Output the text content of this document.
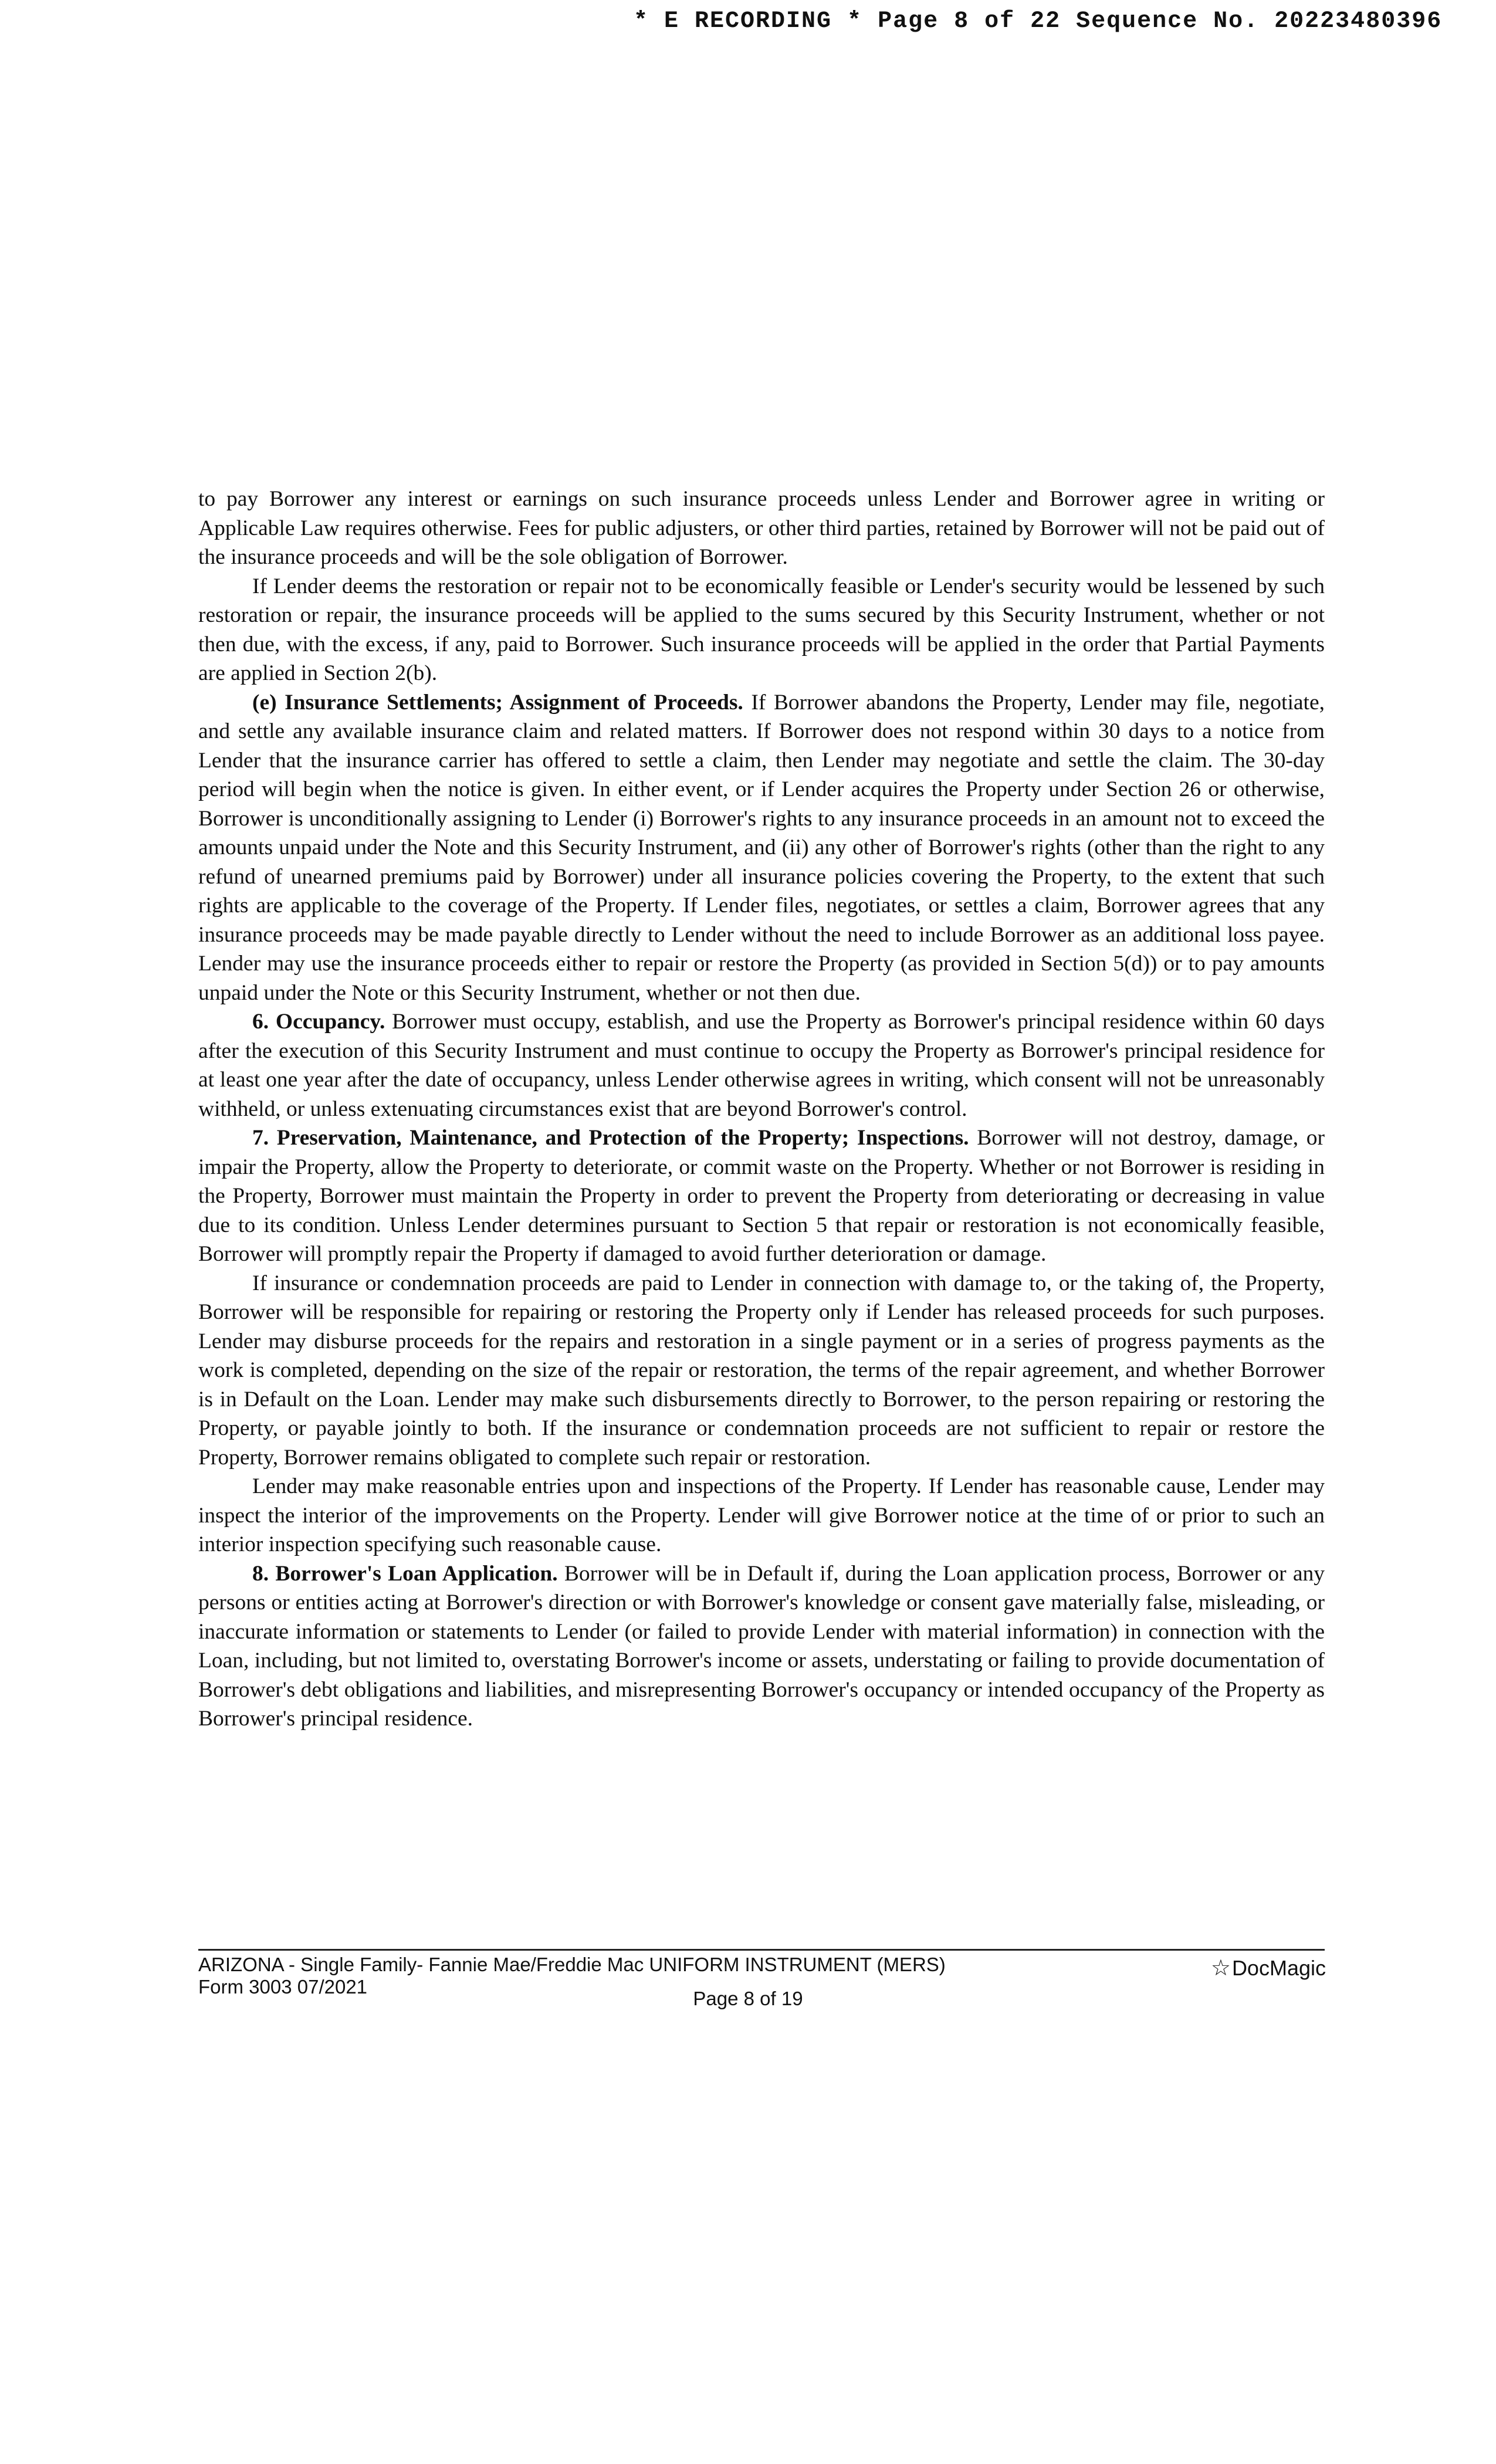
* E RECORDING * Page 8 of 22 Sequence No. 20223480396

to pay Borrower any interest or earnings on such insurance proceeds unless Lender and Borrower agree in writing or Applicable Law requires otherwise. Fees for public adjusters, or other third parties, retained by Borrower will not be paid out of the insurance proceeds and will be the sole obligation of Borrower.

If Lender deems the restoration or repair not to be economically feasible or Lender's security would be lessened by such restoration or repair, the insurance proceeds will be applied to the sums secured by this Security Instrument, whether or not then due, with the excess, if any, paid to Borrower. Such insurance proceeds will be applied in the order that Partial Payments are applied in Section 2(b).

(e) Insurance Settlements; Assignment of Proceeds. If Borrower abandons the Property, Lender may file, negotiate, and settle any available insurance claim and related matters. If Borrower does not respond within 30 days to a notice from Lender that the insurance carrier has offered to settle a claim, then Lender may negotiate and settle the claim. The 30-day period will begin when the notice is given. In either event, or if Lender acquires the Property under Section 26 or otherwise, Borrower is unconditionally assigning to Lender (i) Borrower's rights to any insurance proceeds in an amount not to exceed the amounts unpaid under the Note and this Security Instrument, and (ii) any other of Borrower's rights (other than the right to any refund of unearned premiums paid by Borrower) under all insurance policies covering the Property, to the extent that such rights are applicable to the coverage of the Property. If Lender files, negotiates, or settles a claim, Borrower agrees that any insurance proceeds may be made payable directly to Lender without the need to include Borrower as an additional loss payee. Lender may use the insurance proceeds either to repair or restore the Property (as provided in Section 5(d)) or to pay amounts unpaid under the Note or this Security Instrument, whether or not then due.

6. Occupancy. Borrower must occupy, establish, and use the Property as Borrower's principal residence within 60 days after the execution of this Security Instrument and must continue to occupy the Property as Borrower's principal residence for at least one year after the date of occupancy, unless Lender otherwise agrees in writing, which consent will not be unreasonably withheld, or unless extenuating circumstances exist that are beyond Borrower's control.

7. Preservation, Maintenance, and Protection of the Property; Inspections. Borrower will not destroy, damage, or impair the Property, allow the Property to deteriorate, or commit waste on the Property. Whether or not Borrower is residing in the Property, Borrower must maintain the Property in order to prevent the Property from deteriorating or decreasing in value due to its condition. Unless Lender determines pursuant to Section 5 that repair or restoration is not economically feasible, Borrower will promptly repair the Property if damaged to avoid further deterioration or damage.

If insurance or condemnation proceeds are paid to Lender in connection with damage to, or the taking of, the Property, Borrower will be responsible for repairing or restoring the Property only if Lender has released proceeds for such purposes. Lender may disburse proceeds for the repairs and restoration in a single payment or in a series of progress payments as the work is completed, depending on the size of the repair or restoration, the terms of the repair agreement, and whether Borrower is in Default on the Loan. Lender may make such disbursements directly to Borrower, to the person repairing or restoring the Property, or payable jointly to both. If the insurance or condemnation proceeds are not sufficient to repair or restore the Property, Borrower remains obligated to complete such repair or restoration.

Lender may make reasonable entries upon and inspections of the Property. If Lender has reasonable cause, Lender may inspect the interior of the improvements on the Property. Lender will give Borrower notice at the time of or prior to such an interior inspection specifying such reasonable cause.

8. Borrower's Loan Application. Borrower will be in Default if, during the Loan application process, Borrower or any persons or entities acting at Borrower's direction or with Borrower's knowledge or consent gave materially false, misleading, or inaccurate information or statements to Lender (or failed to provide Lender with material information) in connection with the Loan, including, but not limited to, overstating Borrower's income or assets, understating or failing to provide documentation of Borrower's debt obligations and liabilities, and misrepresenting Borrower's occupancy or intended occupancy of the Property as Borrower's principal residence.

ARIZONA - Single Family- Fannie Mae/Freddie Mac UNIFORM INSTRUMENT (MERS)
Form 3003 07/2021
☆DocMagic
Page 8 of 19
